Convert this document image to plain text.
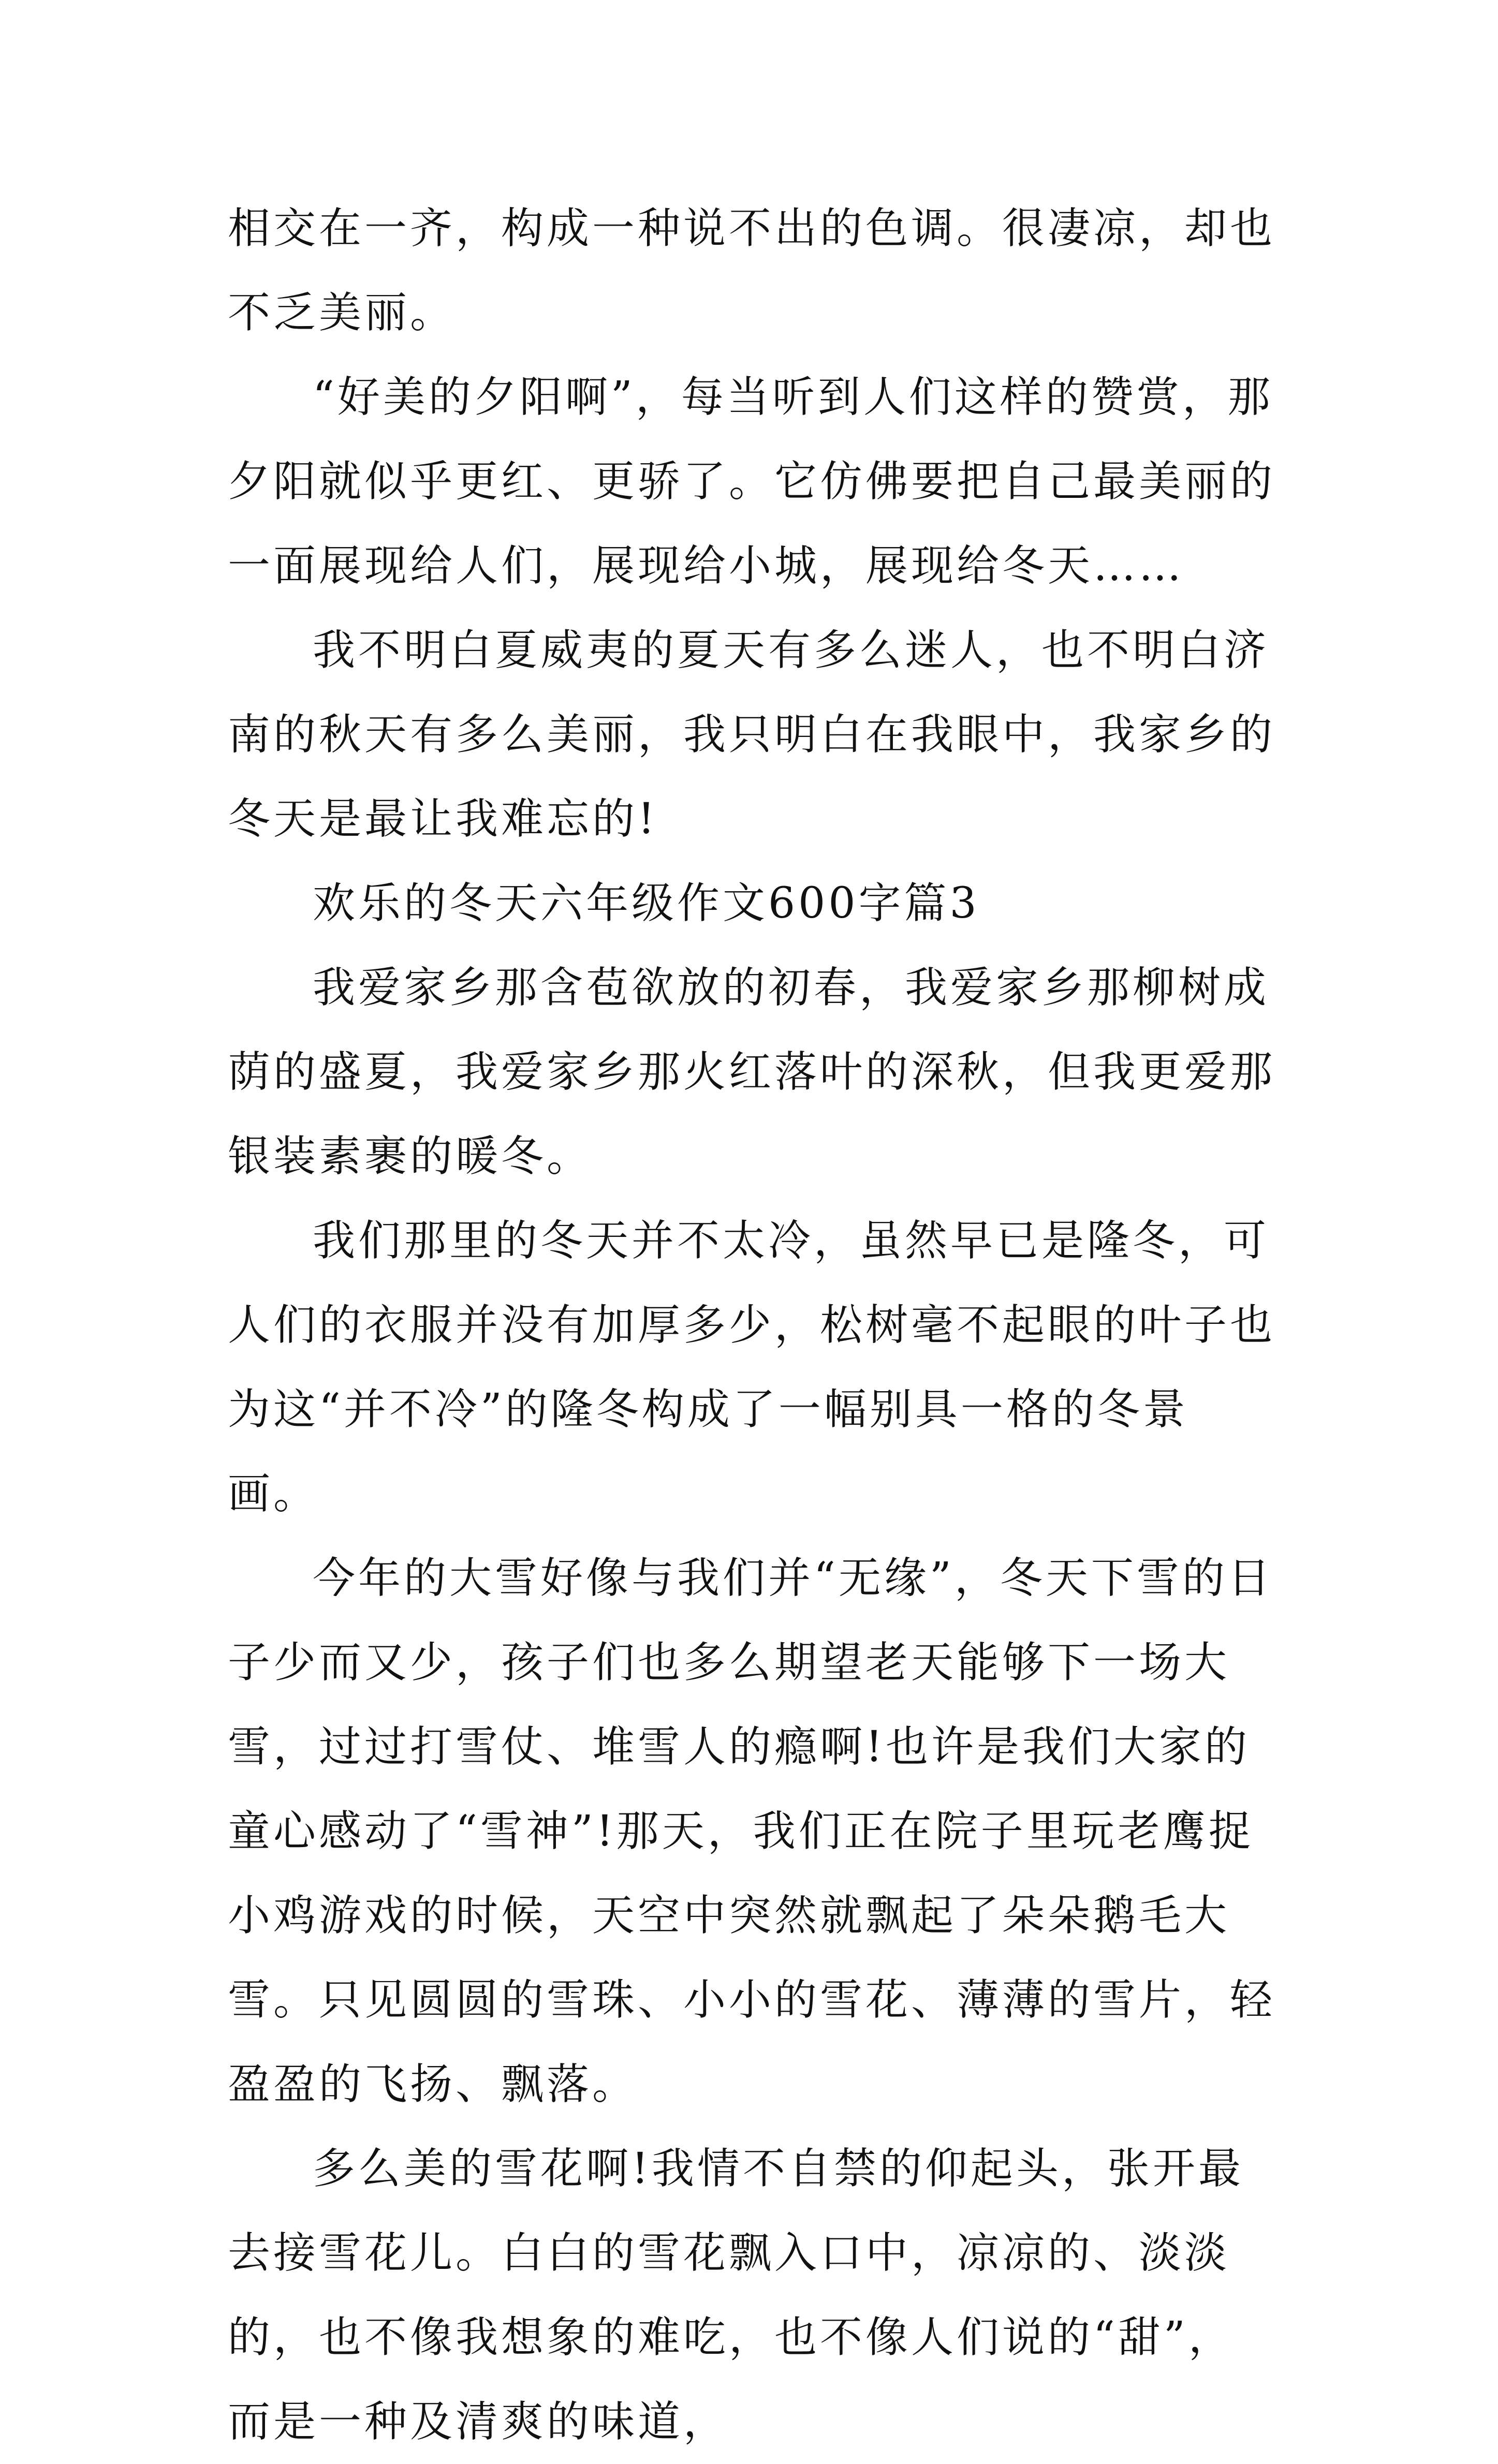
相交在一齐，构成一种说不出的色调。很凄凉，却也不乏美丽。

“好美的夕阳啊”，每当听到人们这样的赞赏，那夕阳就似乎更红、更骄了。它仿佛要把自己最美丽的一面展现给人们，展现给小城，展现给冬天……

我不明白夏威夷的夏天有多么迷人，也不明白济南的秋天有多么美丽，我只明白在我眼中，我家乡的冬天是最让我难忘的!

欢乐的冬天六年级作文600字篇3

我爱家乡那含苞欲放的初春，我爱家乡那柳树成荫的盛夏，我爱家乡那火红落叶的深秋，但我更爱那银装素裹的暖冬。

我们那里的冬天并不太冷，虽然早已是隆冬，可人们的衣服并没有加厚多少，松树毫不起眼的叶子也为这“并不冷”的隆冬构成了一幅别具一格的冬景画。

今年的大雪好像与我们并“无缘”，冬天下雪的日子少而又少，孩子们也多么期望老天能够下一场大雪，过过打雪仗、堆雪人的瘾啊!也许是我们大家的童心感动了“雪神”!那天，我们正在院子里玩老鹰捉小鸡游戏的时候，天空中突然就飘起了朵朵鹅毛大雪。只见圆圆的雪珠、小小的雪花、薄薄的雪片，轻盈盈的飞扬、飘落。

多么美的雪花啊!我情不自禁的仰起头，张开最去接雪花儿。白白的雪花飘入口中，凉凉的、淡淡的，也不像我想象的难吃，也不像人们说的“甜”，而是一种及清爽的味道，
